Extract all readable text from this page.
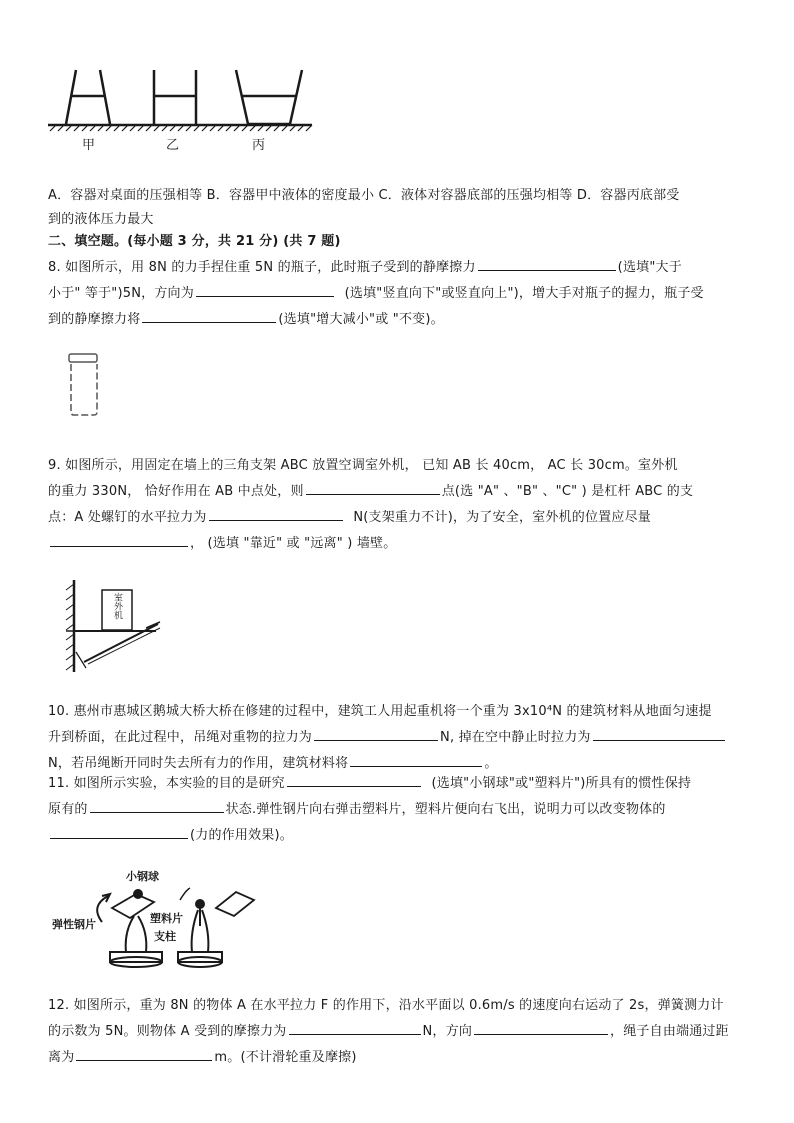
甲	乙	丙
A．容器对桌面的压强相等 B．容器甲中液体的密度最小 C．液体对容器底部的压强均相等 D．容器丙底部受
到的液体压力最大
二、填空题。(每小题 3 分，共 21 分) (共 7 题)
8. 如图所示，用 8N 的力手捏住重 5N 的瓶子，此时瓶子受到的静摩擦力	(选填"大于
小于" 等于")5N，方向为	(选填"竖直向下"或竖直向上")，增大手对瓶子的握力，瓶子受
到的静摩擦力将	(选填"增大减小"或 "不变)。
9. 如图所示，用固定在墙上的三角支架 ABC 放置空调室外机， 已知 AB 长 40cm， AC 长 30cm。室外机
的重力 330N， 恰好作用在 AB 中点处，则	点(选 "A" 、"B" 、"C" ) 是杠杆 ABC 的支
点：A 处螺钉的水平拉力为	N(支架重力不计)，为了安全，室外机的位置应尽量
， (选填 "靠近" 或 "远离" ) 墙壁。
室外机
10. 惠州市惠城区鹅城大桥大桥在修建的过程中，建筑工人用起重机将一个重为 3x10⁴N 的建筑材料从地面匀速提
升到桥面，在此过程中，吊绳对重物的拉力为	N, 掉在空中静止时拉力为
N，若吊绳断开同时失去所有力的作用，建筑材料将	。
11. 如图所示实验，本实验的目的是研究	(选填"小钢球"或"塑料片")所具有的惯性保持
原有的	状态.弹性钢片向右弹击塑料片，塑料片便向右飞出，说明力可以改变物体的
(力的作用效果)。
小钢球
弹性钢片	塑料片
支柱
12. 如图所示，重为 8N 的物体 A 在水平拉力 F 的作用下，沿水平面以 0.6m/s 的速度向右运动了 2s，弹簧测力计
的示数为 5N。则物体 A 受到的摩擦力为	N，方向	，绳子自由端通过距
离为	m。(不计滑轮重及摩擦)
